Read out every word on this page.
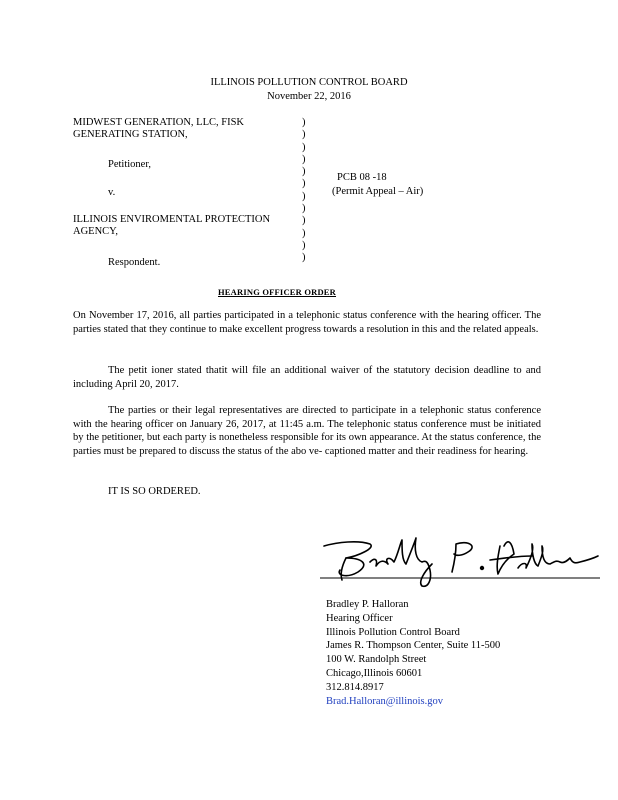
ILLINOIS POLLUTION CONTROL BOARD
November 22, 2016
MIDWEST GENERATION, LLC, FISK
GENERATING STATION,
Petitioner,
v.
ILLINOIS ENVIROMENTAL PROTECTION
AGENCY,
Respondent.
)
)
)
)
)
)
)
)
)
)
)
)
PCB 08 -18
(Permit Appeal – Air)
HEARING OFFICER ORDER
On November 17, 2016, all parties participated in a telephonic status conference with the hearing officer. The parties stated that they continue to make excellent progress towards a resolution in this and the related appeals.
The petit ioner stated thatit will file an additional waiver of the statutory decision deadline to and including April 20, 2017.
The parties or their legal representatives are directed to participate in a telephonic status conference with the hearing officer on January 26, 2017, at 11:45 a.m. The telephonic status conference must be initiated by the petitioner, but each party is nonetheless responsible for its own appearance. At the status conference, the parties must be prepared to discuss the status of the abo ve- captioned matter and their readiness for hearing.
IT IS SO ORDERED.
Bradley P. Halloran
Hearing Officer
Illinois Pollution Control Board
James R. Thompson Center, Suite 11-500
100 W. Randolph Street
Chicago,Illinois 60601
312.814.8917
Brad.Halloran@illinois.gov
